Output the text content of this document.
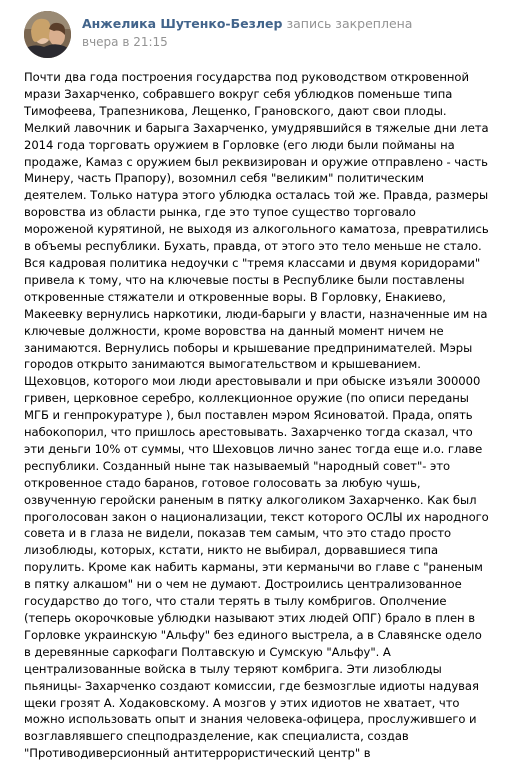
Анжелика Шутенко-Безлер запись закреплена
вчера в 21:15
Почти два года построения государства под руководством откровенной мрази Захарченко, собравшего вокруг себя ублюдков поменьше типа Тимофеева, Трапезникова, Лещенко, Грановского, дают свои плоды. Мелкий лавочник и барыга Захарченко, умудрявшийся в тяжелые дни лета 2014 года торговать оружием в Горловке (его люди были пойманы на продаже, Камаз с оружием был реквизирован и оружие отправлено - часть Минеру, часть Прапору), возомнил себя "великим" политическим деятелем. Только натура этого ублюдка осталась той же. Правда, размеры воровства из области рынка, где это тупое существо торговало мороженой курятиной, не выходя из алкогольного каматоза, превратились в объемы республики. Бухать, правда, от этого это тело меньше не стало.
Вся кадровая политика недоучки с "тремя классами и двумя коридорами" привела к тому, что на ключевые посты в Республике были поставлены откровенные стяжатели и откровенные воры. В Горловку, Енакиево, Макеевку вернулись наркотики, люди-барыги у власти, назначенные им на ключевые должности, кроме воровства на данный момент ничем не занимаются. Вернулись поборы и крышевание предпринимателей. Мэры городов открыто занимаются вымогательством и крышеванием. Щеховцов, которого мои люди арестовывали и при обыске изъяли 300000 гривен, церковное серебро, коллекционное оружие (по описи переданы МГБ и генпрокуратуре ), был поставлен мэром Ясиноватой. Прада, опять набокопорил, что пришлось арестовывать. Захарченко тогда сказал, что эти деньги 10% от суммы, что Шеховцов лично занес тогда еще и.о. главе республики. Созданный ныне так называемый "народный совет"- это откровенное стадо баранов, готовое голосовать за любую чушь, озвученную геройски раненым в пятку алкоголиком Захарченко. Как был проголосован закон о национализации, текст которого ОСЛЫ их народного совета и в глаза не видели, показав тем самым, что это стадо просто лизоблюды, которых, кстати, никто не выбирал, дорвавшиеся типа порулить. Кроме как набить карманы, эти керманычи во главе с "раненым в пятку алкашом" ни о чем не думают. Достроились централизованное государство до того, что стали терять в тылу комбригов. Ополчение (теперь окорочковые ублюдки называют этих людей ОПГ) брало в плен в Горловке украинскую "Альфу" без единого выстрела, а в Славянске одело в деревянные саркофаги Полтавскую и Сумскую "Альфу". А централизованные войска в тылу теряют комбрига. Эти лизоблюды пьяницы- Захарченко создают комиссии, где безмозглые идиоты надувая щеки грозят А. Ходаковскому. А мозгов у этих идиотов не хватает, что можно использовать опыт и знания человека-офицера, прослужившего и возглавлявшего спецподразделение, как специалиста, создав "Противодиверсионный антитеррористический центр" в
